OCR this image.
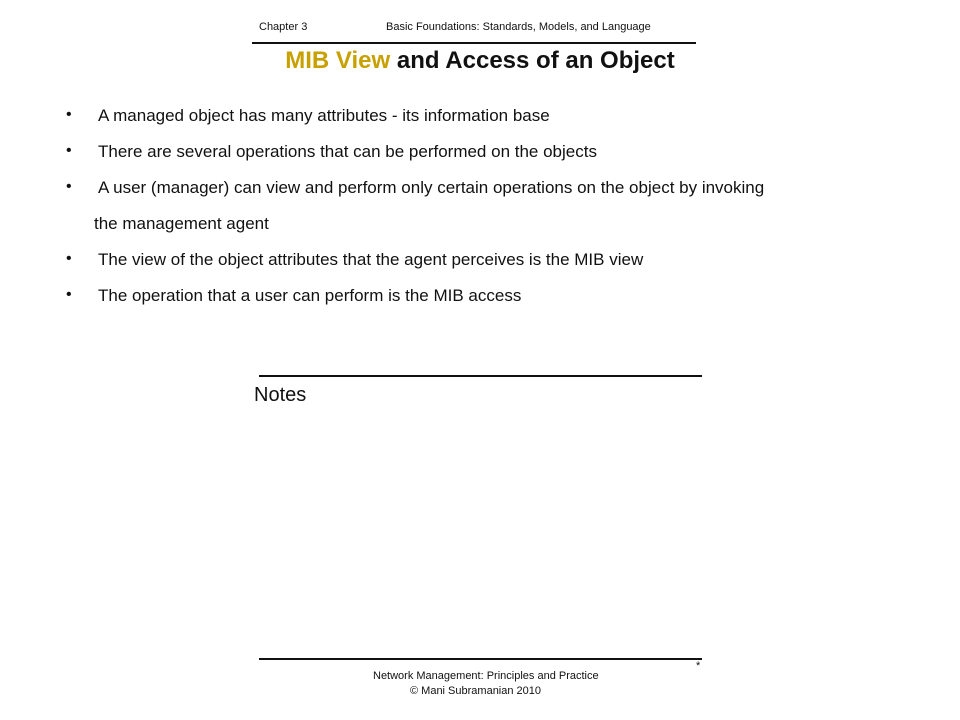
Chapter 3	Basic Foundations: Standards, Models, and Language
MIB View and Access of an Object
• A managed object has many attributes - its information base
• There are several operations that can be performed on the objects
• A user (manager) can view and perform only certain operations on the object by invoking
the management agent
• The view of the object attributes that the agent perceives is the MIB view
• The operation that a user can perform is the MIB access
Notes
*
Network Management: Principles and Practice
© Mani Subramanian 2010
